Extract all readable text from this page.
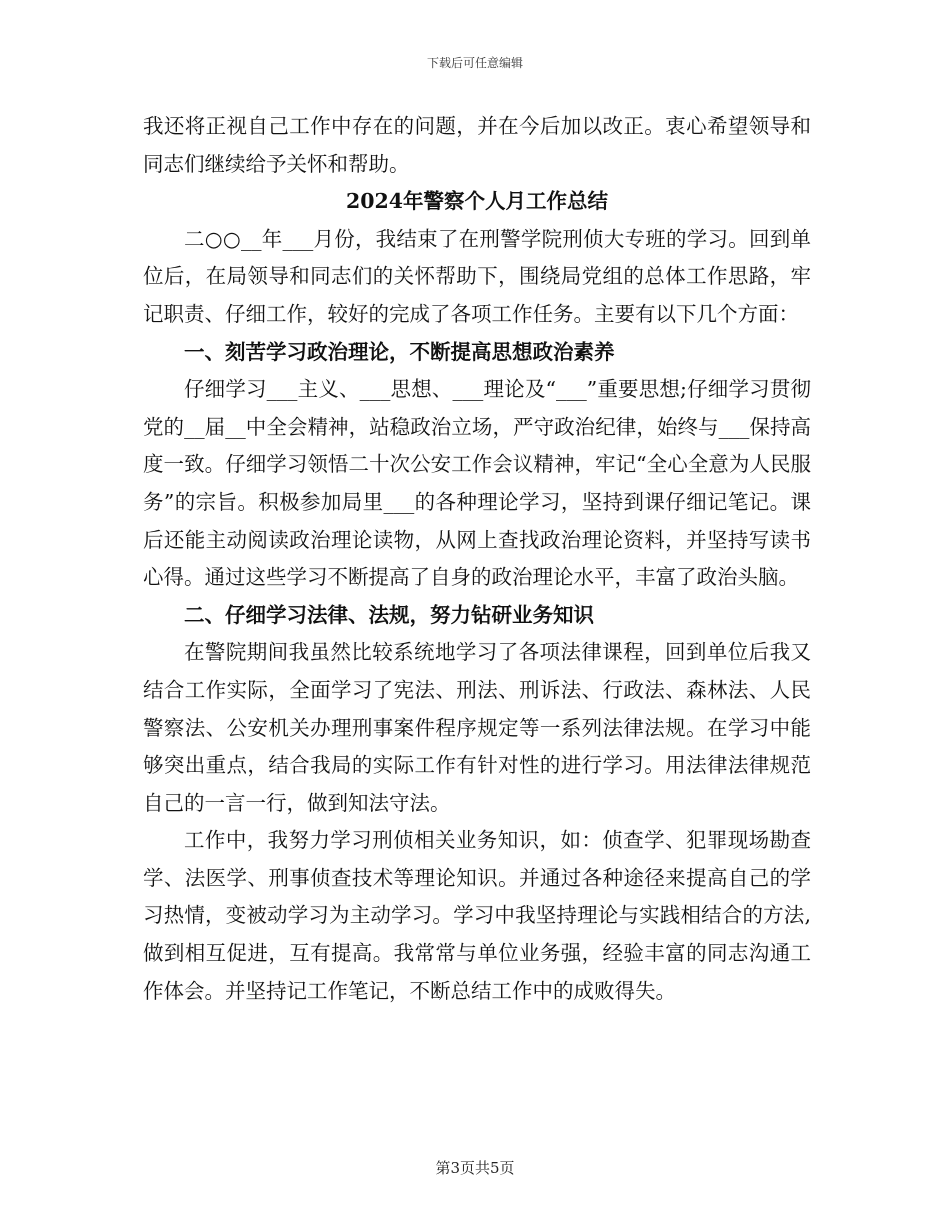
下载后可任意编辑

我还将正视自己工作中存在的问题，并在今后加以改正。衷心希望领导和同志们继续给予关怀和帮助。

2024年警察个人月工作总结

二○○__年___月份，我结束了在刑警学院刑侦大专班的学习。回到单位后，在局领导和同志们的关怀帮助下，围绕局党组的总体工作思路，牢记职责、仔细工作，较好的完成了各项工作任务。主要有以下几个方面：

一、刻苦学习政治理论，不断提高思想政治素养

仔细学习___主义、___思想、___理论及“___”重要思想;仔细学习贯彻党的__届__中全会精神，站稳政治立场，严守政治纪律，始终与___保持高度一致。仔细学习领悟二十次公安工作会议精神，牢记“全心全意为人民服务”的宗旨。积极参加局里___的各种理论学习，坚持到课仔细记笔记。课后还能主动阅读政治理论读物，从网上查找政治理论资料，并坚持写读书心得。通过这些学习不断提高了自身的政治理论水平，丰富了政治头脑。

二、仔细学习法律、法规，努力钻研业务知识

在警院期间我虽然比较系统地学习了各项法律课程，回到单位后我又结合工作实际，全面学习了宪法、刑法、刑诉法、行政法、森林法、人民警察法、公安机关办理刑事案件程序规定等一系列法律法规。在学习中能够突出重点，结合我局的实际工作有针对性的进行学习。用法律法律规范自己的一言一行，做到知法守法。

工作中，我努力学习刑侦相关业务知识，如：侦查学、犯罪现场勘查学、法医学、刑事侦查技术等理论知识。并通过各种途径来提高自己的学习热情，变被动学习为主动学习。学习中我坚持理论与实践相结合的方法,做到相互促进，互有提高。我常常与单位业务强，经验丰富的同志沟通工作体会。并坚持记工作笔记，不断总结工作中的成败得失。

第3页共5页
